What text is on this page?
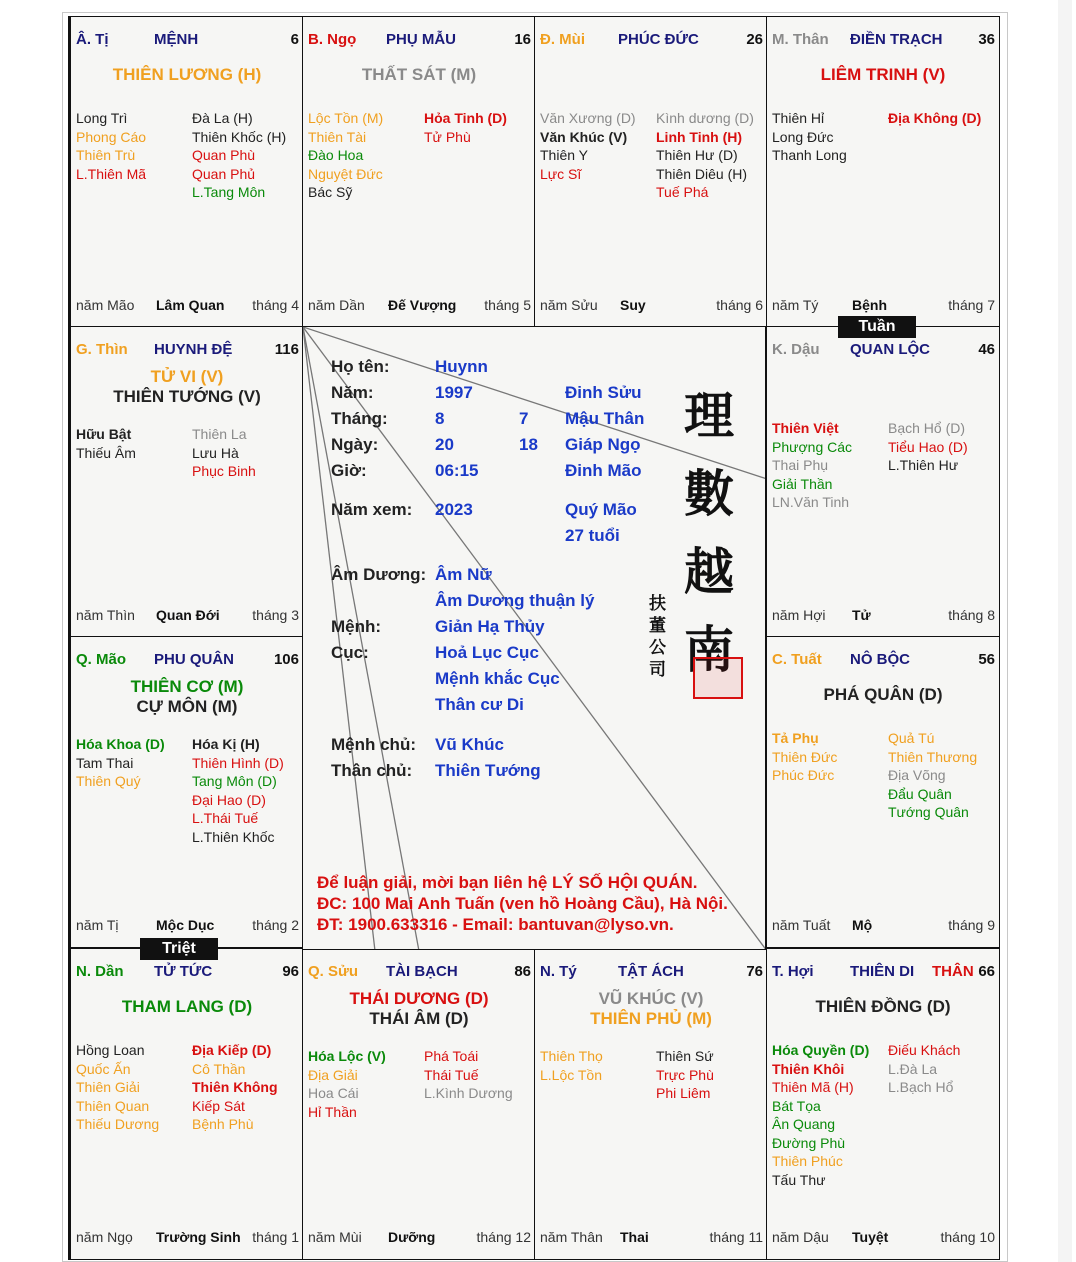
Â. Tị	MỆNH	6
THIÊN LƯƠNG (H)
Long Trì
Phong Cáo
Thiên Trù
L.Thiên Mã
Đà La (H)
Thiên Khốc (H)
Quan Phù
Quan Phủ
L.Tang Môn
năm Mão Lâm Quan tháng 4
B. Ngọ PHỤ MẪU	16
THẤT SÁT (M)
Lộc Tồn (M)
Thiên Tài
Đào Hoa
Nguyệt Đức
Bác Sỹ
Hỏa Tinh (D)
Tử Phù
năm Dần Đế Vượng tháng 5
Đ. Mùi PHÚC ĐỨC	26
Văn Xương (D)
Văn Khúc (V)
Thiên Y
Lực Sĩ
Kình dương (D)
Linh Tinh (H)
Thiên Hư (D)
Thiên Diêu (H)
Tuế Phá
năm Sửu Suy	tháng 6
M. Thân ĐIỀN TRẠCH 36
LIÊM TRINH (V)
Thiên Hỉ
Long Đức
Thanh Long
Địa Không (D)
năm Tý Bệnh	tháng 7
G. Thìn HUYNH ĐỆ	116
TỬ VI (V)
THIÊN TƯỚNG (V)
Hữu Bật
Thiếu Âm
Thiên La
Lưu Hà
Phục Binh
năm Thìn Quan Đới tháng 3
K. Dậu QUAN LỘC	46
Thiên Việt
Phượng Các
Thai Phụ
Giải Thần
LN.Văn Tinh
Bạch Hổ (D)
Tiểu Hao (D)
L.Thiên Hư
năm Hợi Tử	tháng 8
Q. Mão PHU QUÂN	106
THIÊN CƠ (M)
CỰ MÔN (M)
Hóa Khoa (D)
Tam Thai
Thiên Quý
Hóa Kị (H)
Thiên Hình (D)
Tang Môn (D)
Đại Hao (D)
L.Thái Tuế
L.Thiên Khốc
năm Tị	Mộc Dục	tháng 2
C. Tuất NÔ BỘC	56
PHÁ QUÂN (D)
Tả Phụ
Thiên Đức
Phúc Đức
Quả Tú
Thiên Thương
Địa Võng
Đẩu Quân
Tướng Quân
năm Tuất Mộ	tháng 9
N. Dần TỬ TỨC	96
THAM LANG (D)
Hồng Loan
Quốc Ấn
Thiên Giải
Thiên Quan
Thiếu Dương
Địa Kiếp (D)
Cô Thần
Thiên Không
Kiếp Sát
Bệnh Phù
năm Ngọ Trường Sinh tháng 1
Q. Sửu TÀI BẠCH	86
THÁI DƯƠNG (D)
THÁI ÂM (D)
Hóa Lộc (V)
Địa Giải
Hoa Cái
Hỉ Thần
Phá Toái
Thái Tuế
L.Kình Dương
năm Mùi Dưỡng	tháng 12
N. Tý	TẬT ÁCH	76
VŨ KHÚC (V)
THIÊN PHỦ (M)
Thiên Thọ
L.Lộc Tồn
Thiên Sứ
Trực Phù
Phi Liêm
năm Thân Thai	tháng 11
T. Hợi THIÊN DI THÂN 66
THIÊN ĐỒNG (D)
Hóa Quyền (D)
Thiên Khôi
Thiên Mã (H)
Bát Tọa
Ân Quang
Đường Phù
Thiên Phúc
Tấu Thư
Điếu Khách
L.Đà La
L.Bạch Hổ
năm Dậu Tuyệt	tháng 10
Họ tên:	Huynn
Năm:	1997	Đinh Sửu
Tháng:	8	7 Mậu Thân
Ngày:	20	18 Giáp Ngọ
Giờ:	06:15	Đinh Mão
Năm xem: 2023	Quý Mão
27 tuổi
Âm Dương: Âm Nữ
Âm Dương thuận lý
Mệnh:	Giản Hạ Thủy
Cục:	Hoả Lục Cục
Mệnh khắc Cục
Thân cư Di
Mệnh chủ: Vũ Khúc
Thân chủ: Thiên Tướng
理
數
越
南
扶
董
公
司
Để luận giải, mời bạn liên hệ LÝ SỐ HỘI QUÁN.
ĐC: 100 Mai Anh Tuấn (ven hồ Hoàng Cầu), Hà Nội.
ĐT: 1900.633316 - Email: bantuvan@lyso.vn.
Tuần
Triệt
